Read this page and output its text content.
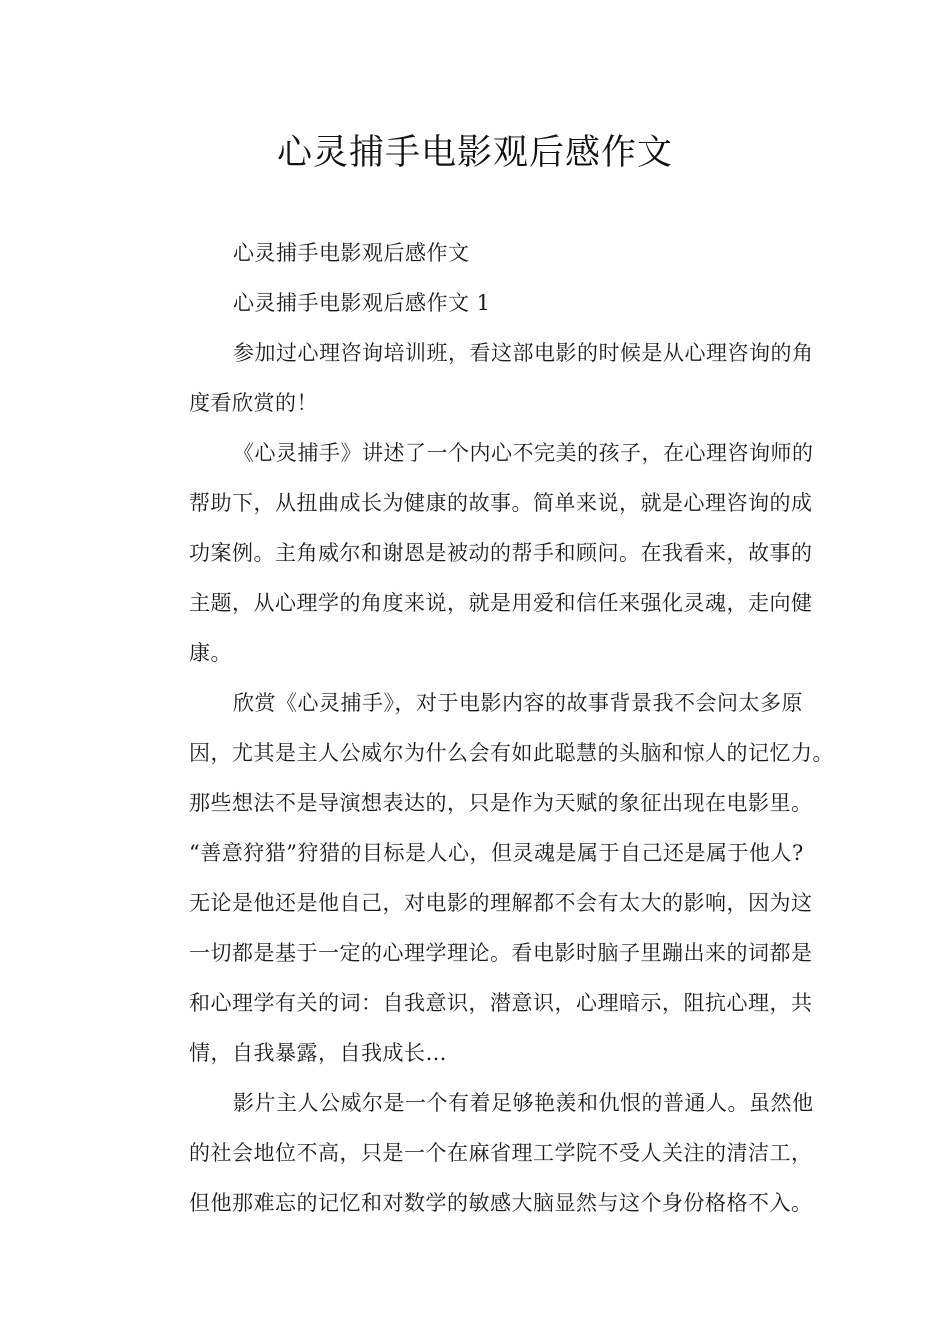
心灵捕手电影观后感作文

心灵捕手电影观后感作文

心灵捕手电影观后感作文 1

参加过心理咨询培训班，看这部电影的时候是从心理咨询的角

度看欣赏的！

《心灵捕手》讲述了一个内心不完美的孩子，在心理咨询师的

帮助下，从扭曲成长为健康的故事。简单来说，就是心理咨询的成

功案例。主角威尔和谢恩是被动的帮手和顾问。在我看来，故事的

主题，从心理学的角度来说，就是用爱和信任来强化灵魂，走向健

康。

欣赏《心灵捕手》，对于电影内容的故事背景我不会问太多原

因，尤其是主人公威尔为什么会有如此聪慧的头脑和惊人的记忆力。

那些想法不是导演想表达的，只是作为天赋的象征出现在电影里。

“善意狩猎”狩猎的目标是人心，但灵魂是属于自己还是属于他人?

无论是他还是他自己，对电影的理解都不会有太大的影响，因为这

一切都是基于一定的心理学理论。看电影时脑子里蹦出来的词都是

和心理学有关的词：自我意识，潜意识，心理暗示，阻抗心理，共

情，自我暴露，自我成长…

影片主人公威尔是一个有着足够艳羡和仇恨的普通人。虽然他

的社会地位不高，只是一个在麻省理工学院不受人关注的清洁工，

但他那难忘的记忆和对数学的敏感大脑显然与这个身份格格不入。
